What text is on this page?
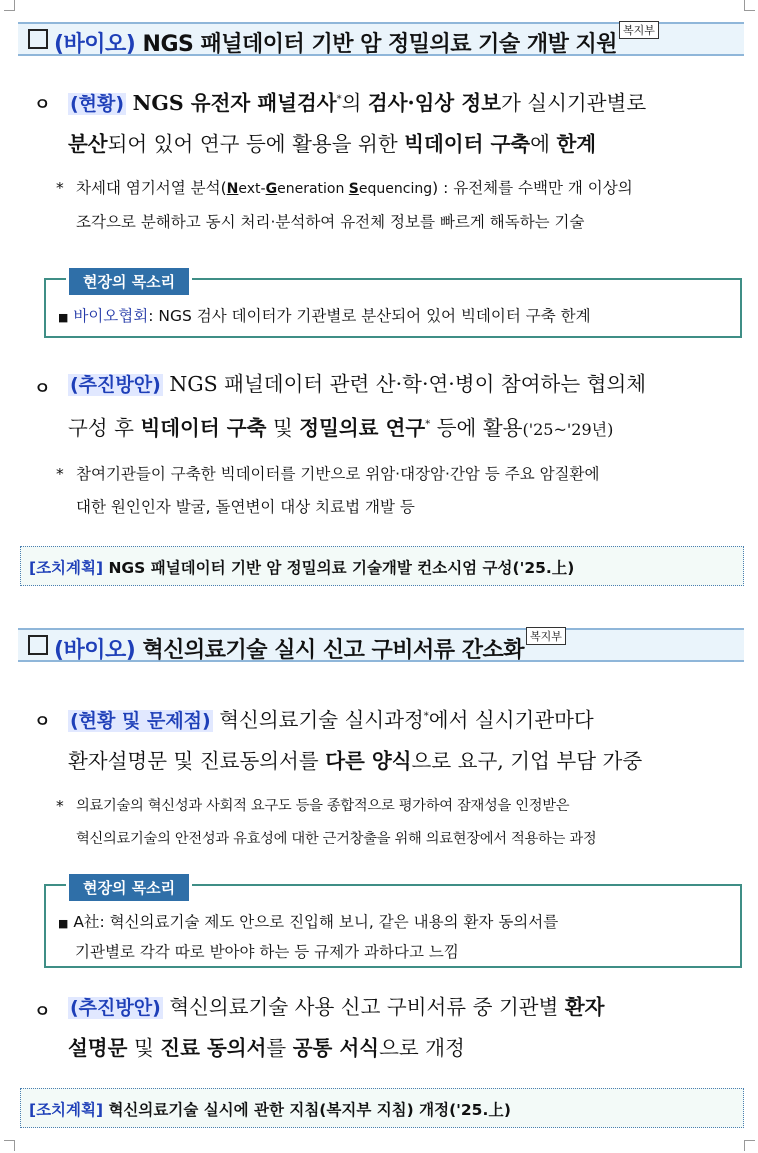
(바이오) NGS 패널데이터 기반 암 정밀의료 기술 개발 지원복지부
ㅇ (현황) NGS 유전자 패널검사*의 검사·임상 정보가 실시기관별로
분산되어 있어 연구 등에 활용을 위한 빅데이터 구축에 한계
* 차세대 염기서열 분석(Next-Generation Sequencing) : 유전체를 수백만 개 이상의
조각으로 분해하고 동시 처리·분석하여 유전체 정보를 빠르게 해독하는 기술
현장의 목소리
■ 바이오협회: NGS 검사 데이터가 기관별로 분산되어 있어 빅데이터 구축 한계
ㅇ (추진방안) NGS 패널데이터 관련 산·학·연·병이 참여하는 협의체
구성 후 빅데이터 구축 및 정밀의료 연구* 등에 활용('25~'29년)
* 참여기관들이 구축한 빅데이터를 기반으로 위암·대장암·간암 등 주요 암질환에
대한 원인인자 발굴, 돌연변이 대상 치료법 개발 등
[조치계획] NGS 패널데이터 기반 암 정밀의료 기술개발 컨소시엄 구성('25.上)
(바이오) 혁신의료기술 실시 신고 구비서류 간소화복지부
ㅇ (현황 및 문제점) 혁신의료기술 실시과정*에서 실시기관마다
환자설명문 및 진료동의서를 다른 양식으로 요구, 기업 부담 가중
* 의료기술의 혁신성과 사회적 요구도 등을 종합적으로 평가하여 잠재성을 인정받은
혁신의료기술의 안전성과 유효성에 대한 근거창출을 위해 의료현장에서 적용하는 과정
현장의 목소리
■ A社: 혁신의료기술 제도 안으로 진입해 보니, 같은 내용의 환자 동의서를
기관별로 각각 따로 받아야 하는 등 규제가 과하다고 느낌
ㅇ (추진방안) 혁신의료기술 사용 신고 구비서류 중 기관별 환자
설명문 및 진료 동의서를 공통 서식으로 개정
[조치계획] 혁신의료기술 실시에 관한 지침(복지부 지침) 개정('25.上)
